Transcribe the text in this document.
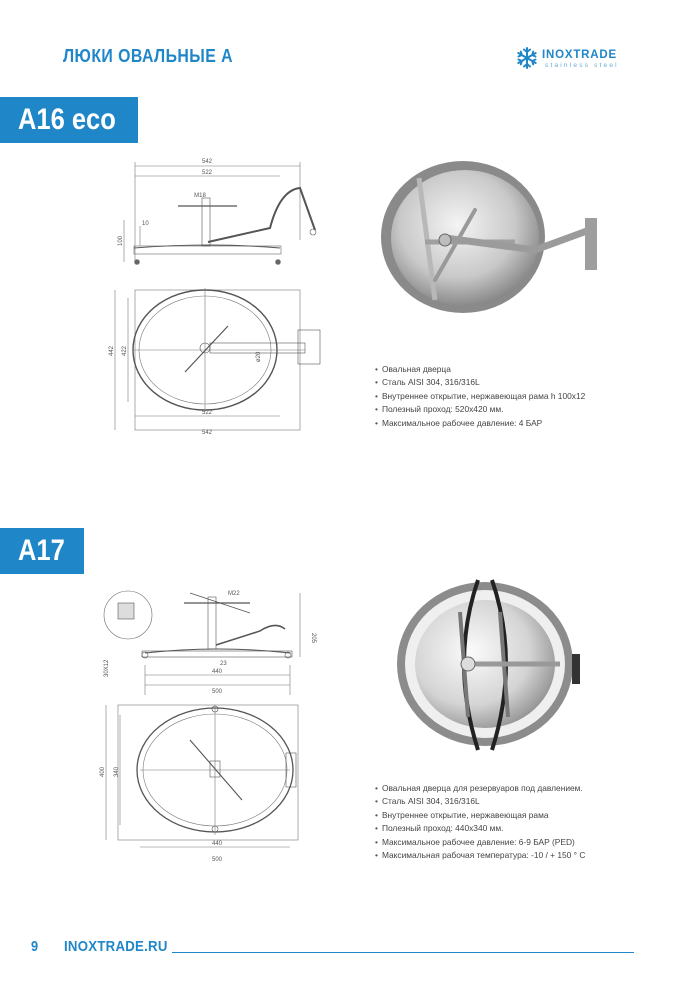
ЛЮКИ ОВАЛЬНЫЕ А	INOXTRADE
stainless steel
A16 eco
542
522
M18
10
100
442 422
ø20
522
542
• Овальная дверца
• Сталь AISI 304, 316/316L
• Внутреннее открытие, нержавеющая рама h 100х12
• Полезный проход: 520х420 мм.
• Максимальное рабочее давление: 4 БАР
A17
M22
205
30X12	23
440
500
400 340
440
500
• Овальная дверца для резервуаров под давлением.
• Сталь AISI 304, 316/316L
• Внутреннее открытие, нержавеющая рама
• Полезный проход: 440х340 мм.
• Максимальное рабочее давление: 6-9 БАР (PED)
• Максимальная рабочая температура: -10 / + 150 ° С
9 INOXTRADE.RU
